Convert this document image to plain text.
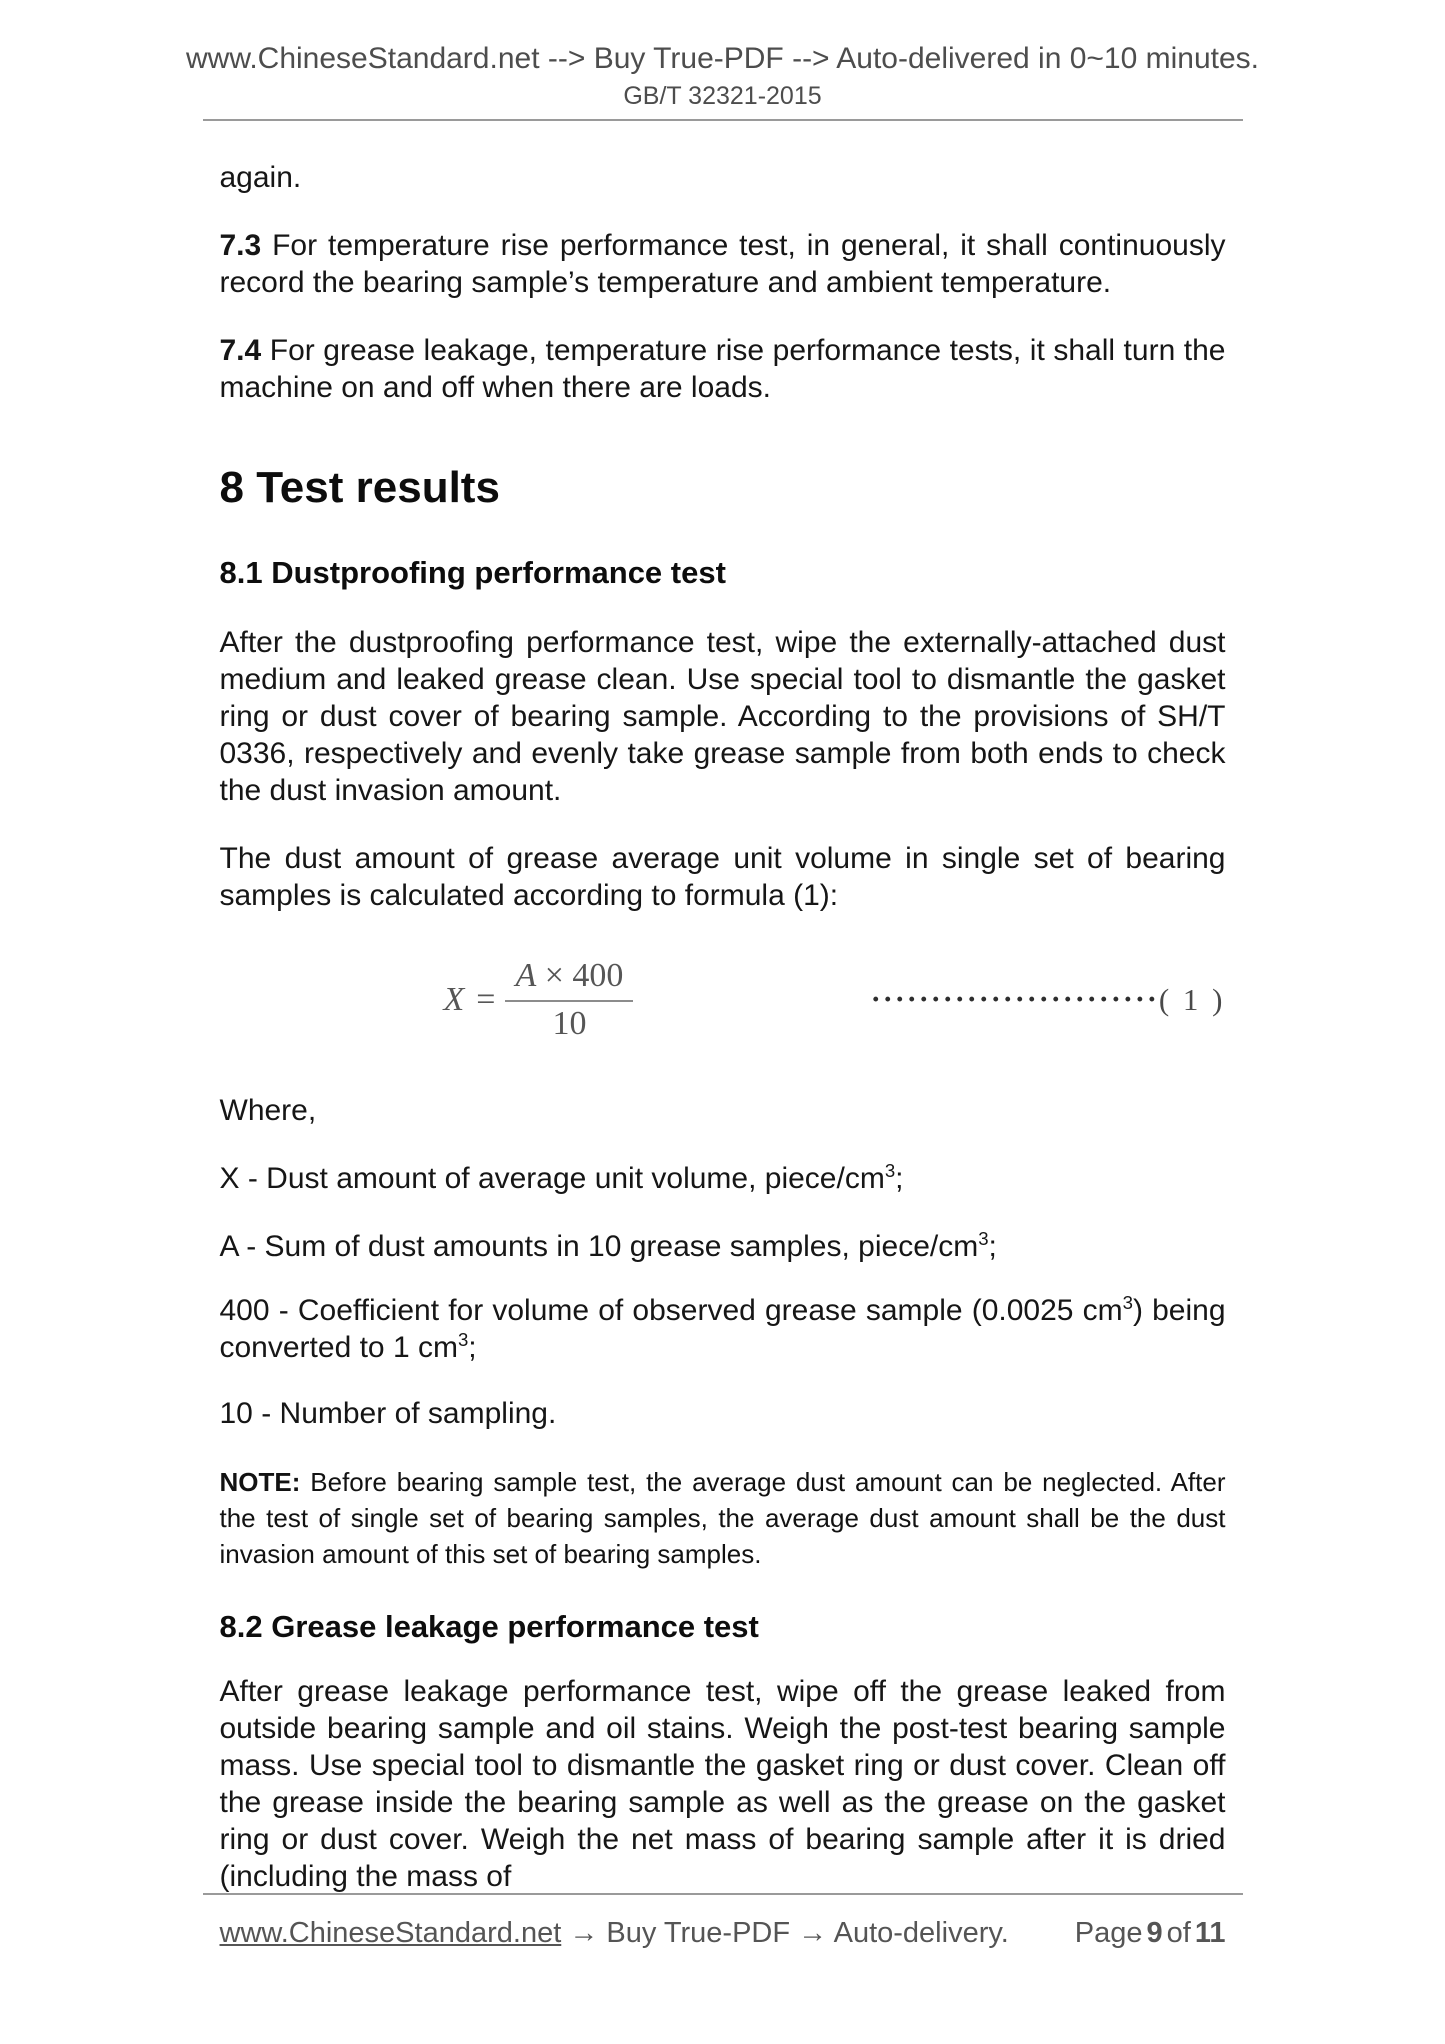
www.ChineseStandard.net --> Buy True-PDF --> Auto-delivered in 0~10 minutes.
GB/T 32321-2015

again.

7.3 For temperature rise performance test, in general, it shall continuously record the bearing sample’s temperature and ambient temperature.

7.4 For grease leakage, temperature rise performance tests, it shall turn the machine on and off when there are loads.

8 Test results
8.1 Dustproofing performance test

After the dustproofing performance test, wipe the externally-attached dust medium and leaked grease clean. Use special tool to dismantle the gasket ring or dust cover of bearing sample. According to the provisions of SH/T 0336, respectively and evenly take grease sample from both ends to check the dust invasion amount.

The dust amount of grease average unit volume in single set of bearing samples is calculated according to formula (1):

$X = \frac{A \times 400}{10}$	························ ( 1 )

Where,

X - Dust amount of average unit volume, piece/$cm^3$;

A - Sum of dust amounts in 10 grease samples, piece/$cm^3$;

400 - Coefficient for volume of observed grease sample (0.0025 $cm^3$) being converted to 1 $cm^3$;

10 - Number of sampling.

NOTE: Before bearing sample test, the average dust amount can be neglected. After the test of single set of bearing samples, the average dust amount shall be the dust invasion amount of this set of bearing samples.

8.2 Grease leakage performance test

After grease leakage performance test, wipe off the grease leaked from outside bearing sample and oil stains. Weigh the post-test bearing sample mass. Use special tool to dismantle the gasket ring or dust cover. Clean off the grease inside the bearing sample as well as the grease on the gasket ring or dust cover. Weigh the net mass of bearing sample after it is dried (including the mass of

www.ChineseStandard.net → Buy True-PDF → Auto-delivery. Page 9 of 11
